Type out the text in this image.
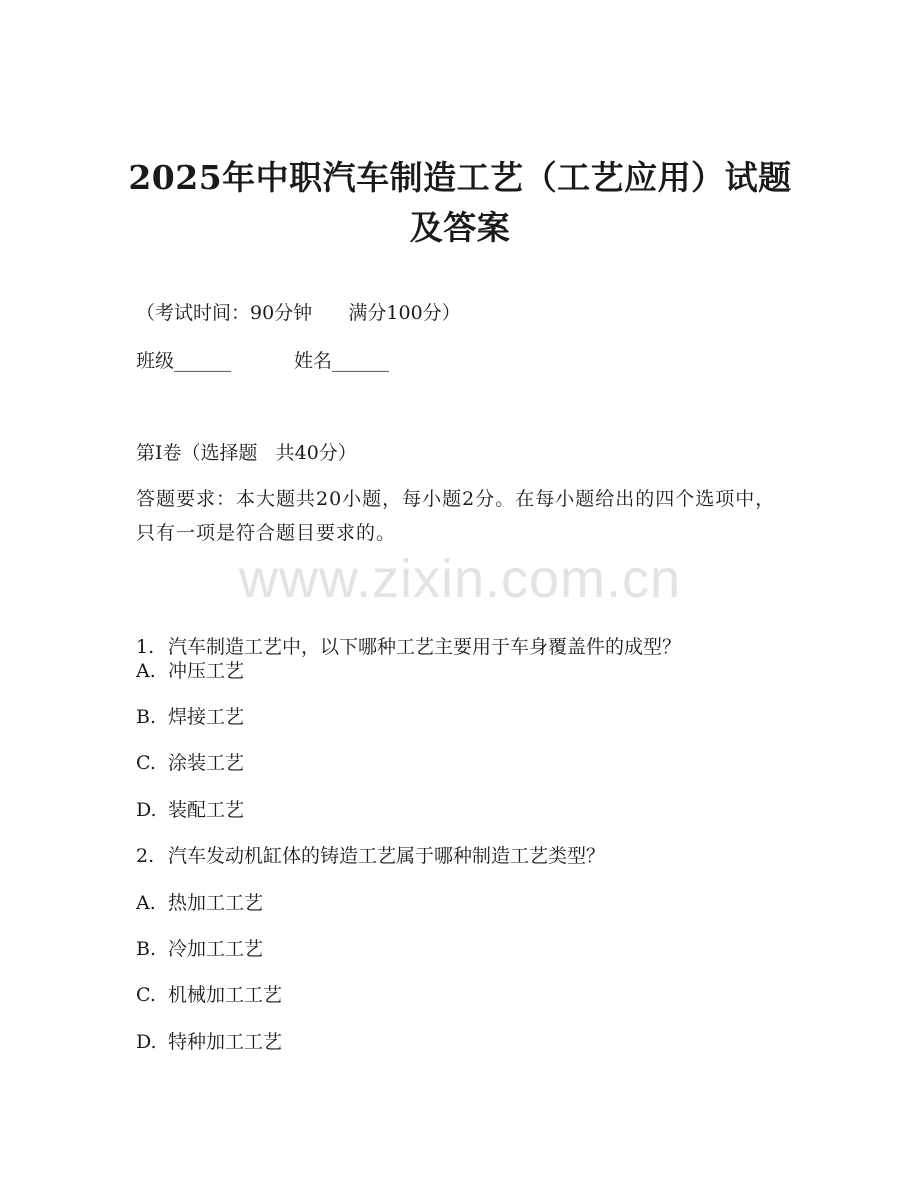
www.zixin.com.cn
2025年中职汽车制造工艺（工艺应用）试题
及答案

（考试时间：90分钟      满分100分）

班级______	姓名______

第I卷（选择题   共40分）

答题要求：本大题共20小题，每小题2分。在每小题给出的四个选项中，只有一项是符合题目要求的。

1. 汽车制造工艺中，以下哪种工艺主要用于车身覆盖件的成型？

A. 冲压工艺

B. 焊接工艺

C. 涂装工艺

D. 装配工艺

2. 汽车发动机缸体的铸造工艺属于哪种制造工艺类型？

A. 热加工工艺

B. 冷加工工艺

C. 机械加工工艺

D. 特种加工工艺
